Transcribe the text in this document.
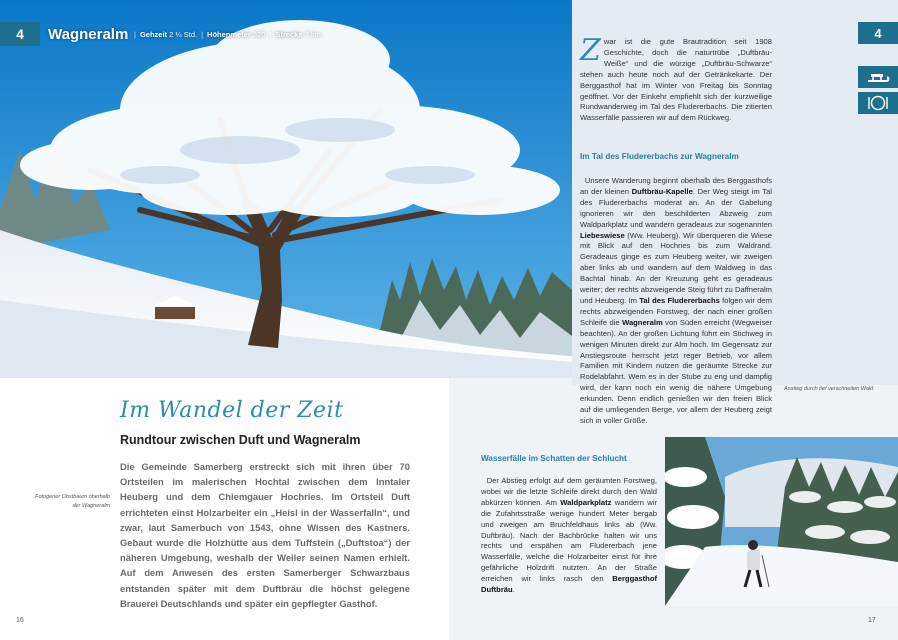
4	Wagneralm | Gehzeit
2 ¼ Std. | Höhenmeter
320 | Strecke
7 km	4
Im Wandel der Zeit
Rundtour zwischen Duft und Wagneralm
Die Gemeinde Samerberg erstreckt sich mit ihren über 70 Ortsteilen im malerischen Hochtal zwischen dem Inntaler Heuberg und dem Chiemgauer Hochries. Im Ortsteil Duft errichteten einst Holzarbeiter ein „Heisl in der Wasserfalln“, und zwar, laut Samerbuch von 1543, ohne Wissen des Kastners. Gebaut wurde die Holzhütte aus dem Tuffstein („Duftstoa“) der näheren Umgebung, weshalb der Weiler seinen Namen erhielt. Auf dem Anwesen des ersten Samerberger Schwarzbaus entstanden später mit dem Duftbräu die höchst gelegene Brauerei Deutschlands und später ein gepflegter Gasthof.
Fotogener Obstbaum oberhalb der Wagneralm
16

Zwar ist die gute Brautradition seit 1908 Geschichte, doch die naturtrübe „Duftbräu-Weiße“ und die würzige „Duftbräu-Schwarze“ stehen auch heute noch auf der Getränkekarte. Der Berggasthof hat im Winter von Freitag bis Sonntag geöffnet. Vor der Einkehr empfiehlt sich der kurzweilige Rundwanderweg im Tal des Fludererbachs. Die zitierten Wasserfälle passieren wir auf dem Rückweg.

Im Tal des Fludererbachs zur Wagneralm

Unsere Wanderung beginnt oberhalb des Berggasthofs an der kleinen Duftbräu-Kapelle. Der Weg steigt im Tal des Fludererbachs moderat an. An der Gabelung ignorieren wir den beschilderten Abzweig zum Waldparkplatz und wandern geradeaus zur sogenannten Liebeswiese (Ww. Heuberg). Wir überqueren die Wiese mit Blick auf den Hochries bis zum Waldrand. Geradeaus ginge es zum Heuberg weiter, wir zweigen aber links ab und wandern auf dem Waldweg in das Bachtal hinab. An der Kreuzung geht es geradeaus weiter; der rechts abzweigende Steig führt zu Daffneralm und Heuberg. Im Tal des Fludererbachs folgen wir dem rechts abzweigenden Forstweg, der nach einer großen Schleife die Wagneralm von Süden erreicht (Wegweiser beachten). An der großen Lichtung führt ein Stichweg in wenigen Minuten direkt zur Alm hoch. Im Gegensatz zur Anstiegsroute herrscht jetzt reger Betrieb, vor allem Familien mit Kindern nutzen die geräumte Strecke zur Rodelabfahrt. Wem es in der Stube zu eng und dampfig wird, der kann noch ein wenig die nähere Umgebung erkunden. Denn endlich genießen wir den freien Blick auf die umliegenden Berge, vor allem der Heuberg zeigt sich in voller Größe.

Anstieg durch tief verschneiten Wald
Wasserfälle im Schatten der Schlucht

Der Abstieg erfolgt auf dem geräumten Forstweg, wobei wir die letzte Schleife direkt durch den Wald abkürzen können. Am Waldparkplatz wandern wir die Zufahrtsstraße wenige hundert Meter bergab und zweigen am Bruchfeldhaus links ab (Ww. Duftbräu). Nach der Bachbrücke halten wir uns rechts und erspähen am Fludererbach jene Wasserfälle, welche die Holzarbeiter einst für ihre gefährliche Holzdrift nutzten. An der Straße erreichen wir links rasch den Berggasthof Duftbräu.

17
